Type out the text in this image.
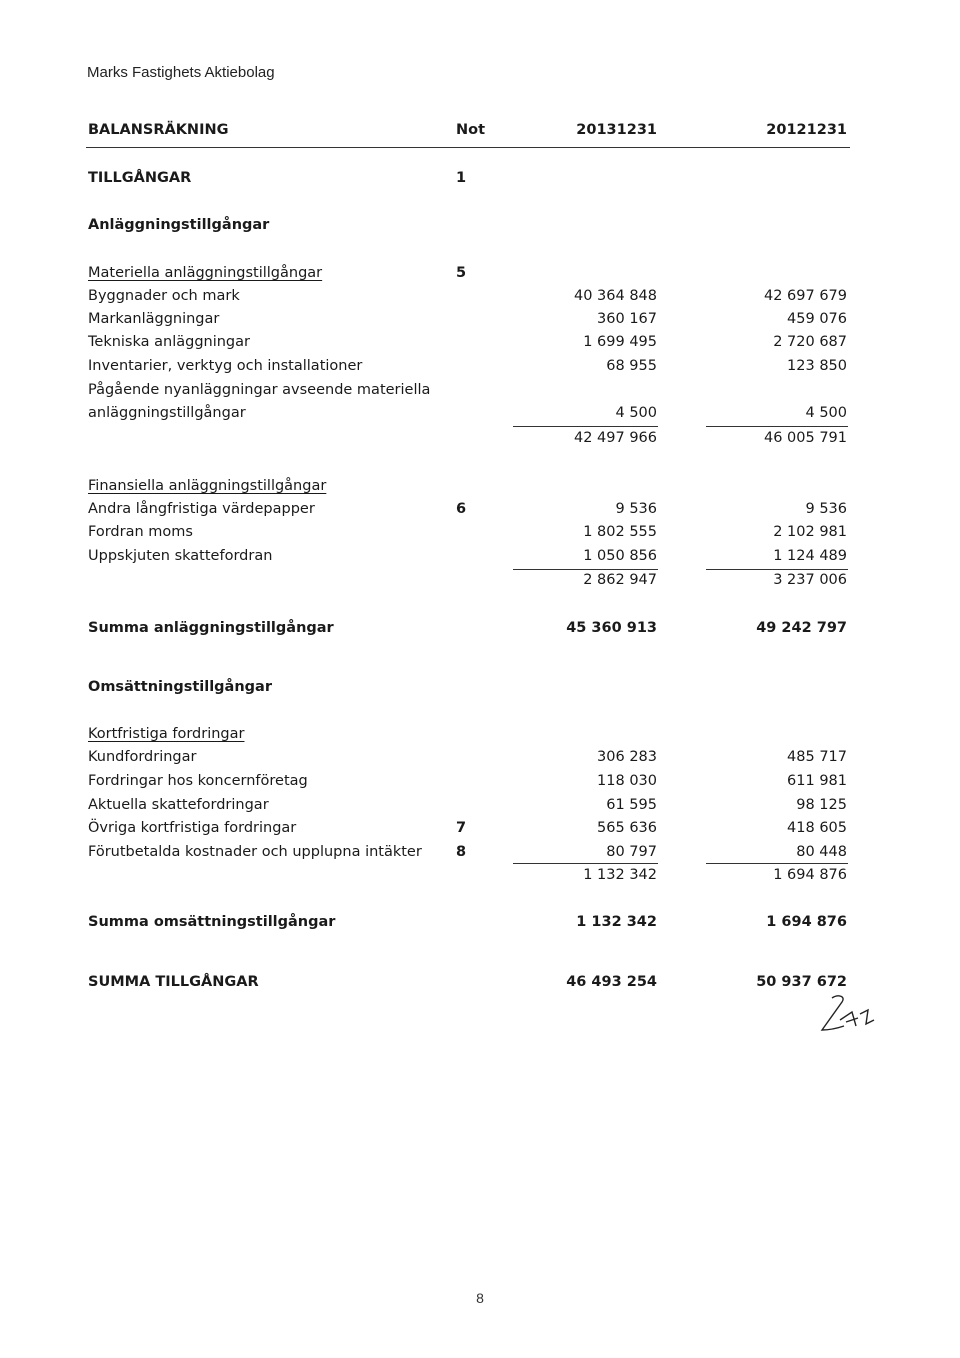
Marks Fastighets Aktiebolag
BALANSRÄKNING	Not	20131231	20121231
TILLGÅNGAR	1
Anläggningstillgångar
Materiella anläggningstillgångar	5
Byggnader och mark	40 364 848	42 697 679
Markanläggningar	360 167	459 076
Tekniska anläggningar	1 699 495	2 720 687
Inventarier, verktyg och installationer	68 955	123 850
Pågående nyanläggningar avseende materiella
anläggningstillgångar	4 500	4 500
42 497 966	46 005 791
Finansiella anläggningstillgångar
Andra långfristiga värdepapper	6	9 536	9 536
Fordran moms	1 802 555	2 102 981
Uppskjuten skattefordran	1 050 856	1 124 489
2 862 947	3 237 006
Summa anläggningstillgångar	45 360 913	49 242 797
Omsättningstillgångar
Kortfristiga fordringar
Kundfordringar	306 283	485 717
Fordringar hos koncernföretag	118 030	611 981
Aktuella skattefordringar	61 595	98 125
Övriga kortfristiga fordringar	7	565 636	418 605
Förutbetalda kostnader och upplupna intäkter 8	80 797	80 448
1 132 342	1 694 876
Summa omsättningstillgångar	1 132 342	1 694 876
SUMMA TILLGÅNGAR	46 493 254	50 937 672
8
